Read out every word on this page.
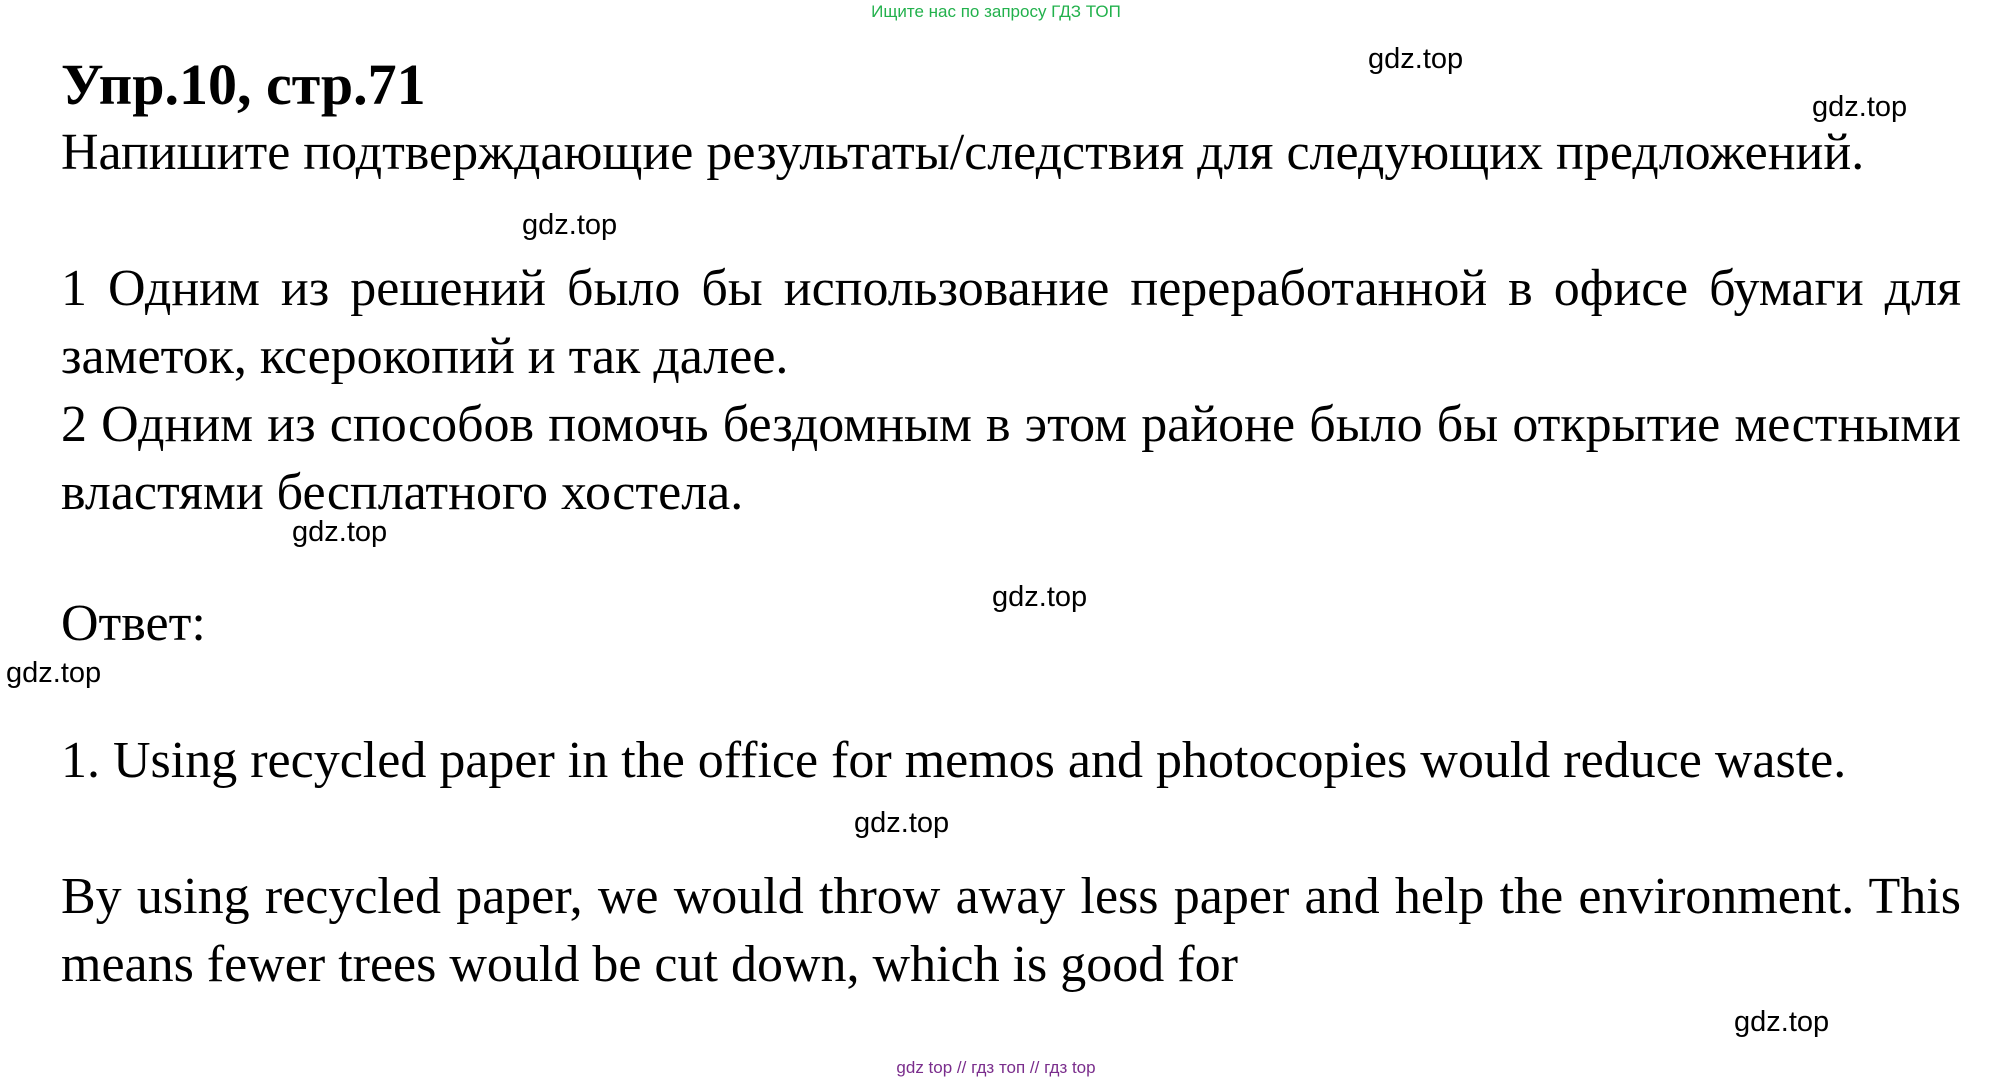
Ищите нас по запросу ГДЗ ТОП
Упр.10, стр.71

Напишите подтверждающие результаты/следствия для следующих предложений.

1 Одним из решений было бы использование переработанной в офисе бумаги для заметок, ксерокопий и так далее.

2 Одним из способов помочь бездомным в этом районе было бы открытие местными властями бесплатного хостела.

Ответ:

1. Using recycled paper in the office for memos and photocopies would reduce waste.

By using recycled paper, we would throw away less paper and help the environment. This means fewer trees would be cut down, which is good for

gdz.top
gdz.top
gdz.top
gdz.top
gdz.top
gdz.top
gdz.top
gdz.top
gdz top // гдз топ // гдз top
